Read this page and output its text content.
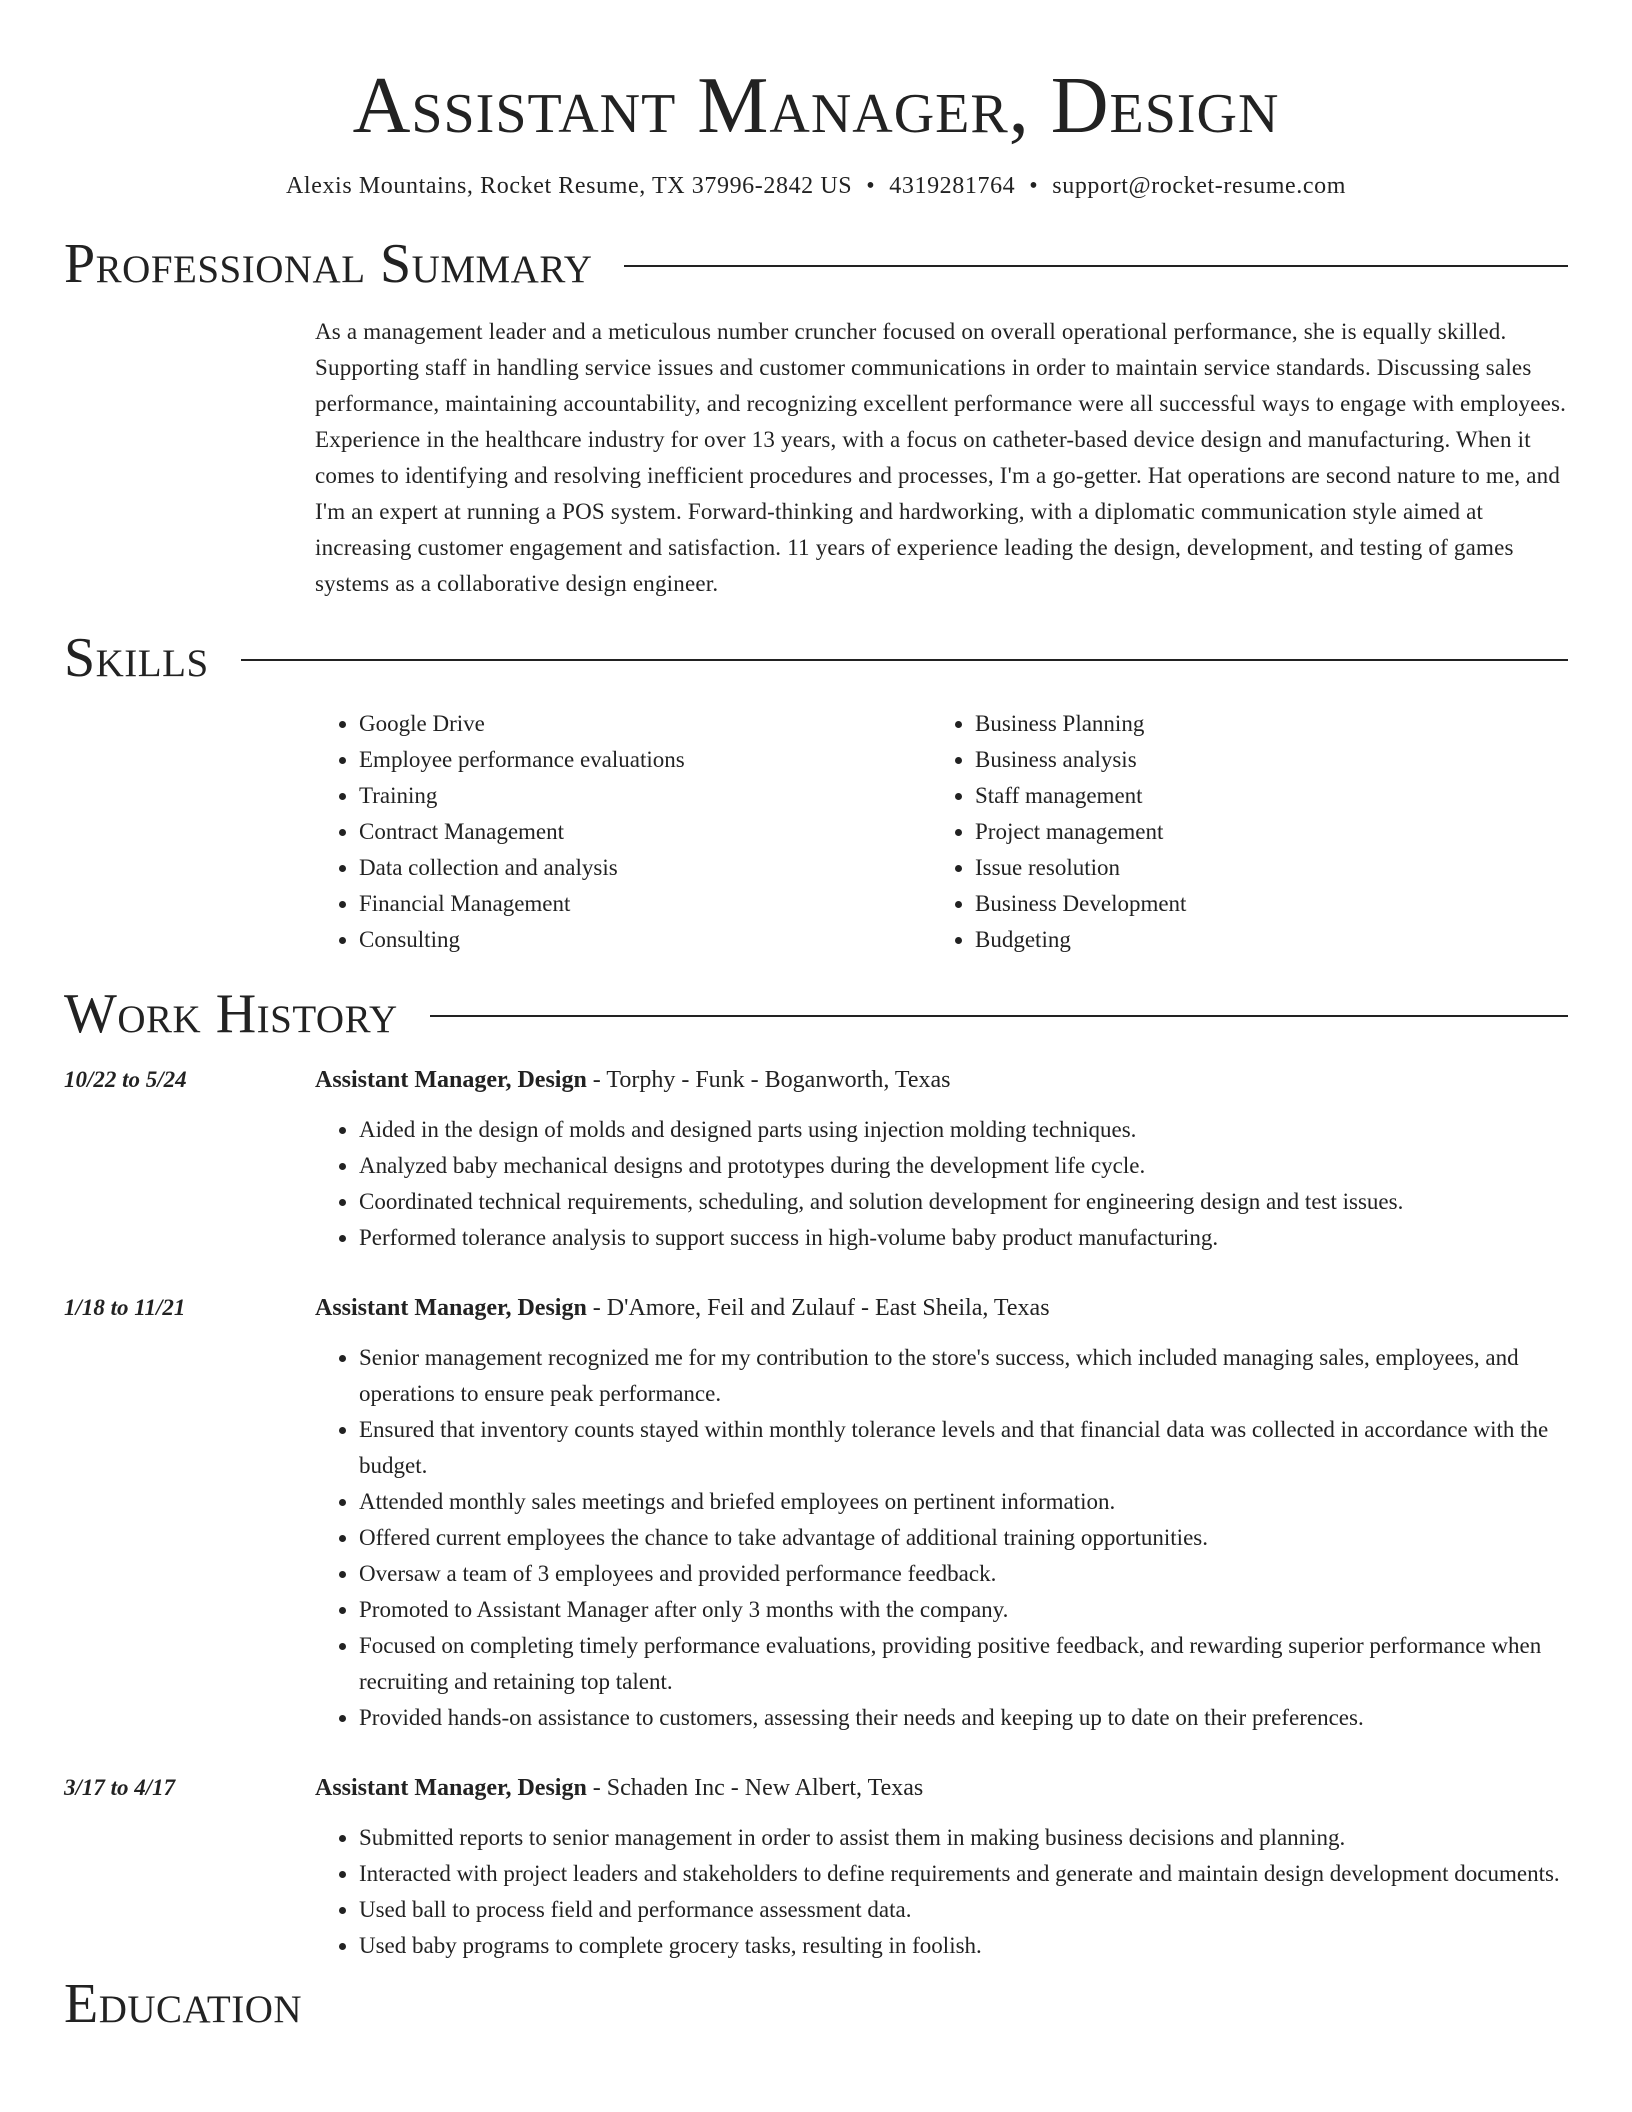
Assistant Manager, Design
Alexis Mountains, Rocket Resume, TX 37996-2842 US • 4319281764 • support@rocket-resume.com
Professional Summary
As a management leader and a meticulous number cruncher focused on overall operational performance, she is equally skilled. Supporting staff in handling service issues and customer communications in order to maintain service standards. Discussing sales performance, maintaining accountability, and recognizing excellent performance were all successful ways to engage with employees. Experience in the healthcare industry for over 13 years, with a focus on catheter-based device design and manufacturing. When it comes to identifying and resolving inefficient procedures and processes, I'm a go-getter. Hat operations are second nature to me, and I'm an expert at running a POS system. Forward-thinking and hardworking, with a diplomatic communication style aimed at increasing customer engagement and satisfaction. 11 years of experience leading the design, development, and testing of games systems as a collaborative design engineer.
Skills
• Google Drive
• Employee performance evaluations
• Training
• Contract Management
• Data collection and analysis
• Financial Management
• Consulting
• Business Planning
• Business analysis
• Staff management
• Project management
• Issue resolution
• Business Development
• Budgeting
Work History
10/22 to 5/24	Assistant Manager, Design - Torphy - Funk - Boganworth, Texas
• Aided in the design of molds and designed parts using injection molding techniques.
• Analyzed baby mechanical designs and prototypes during the development life cycle.
• Coordinated technical requirements, scheduling, and solution development for engineering design and test issues.
• Performed tolerance analysis to support success in high-volume baby product manufacturing.
1/18 to 11/21	Assistant Manager, Design - D'Amore, Feil and Zulauf - East Sheila, Texas
• Senior management recognized me for my contribution to the store's success, which included managing sales, employees, and operations to ensure peak performance.
• Ensured that inventory counts stayed within monthly tolerance levels and that financial data was collected in accordance with the budget.
• Attended monthly sales meetings and briefed employees on pertinent information.
• Offered current employees the chance to take advantage of additional training opportunities.
• Oversaw a team of 3 employees and provided performance feedback.
• Promoted to Assistant Manager after only 3 months with the company.
• Focused on completing timely performance evaluations, providing positive feedback, and rewarding superior performance when recruiting and retaining top talent.
• Provided hands-on assistance to customers, assessing their needs and keeping up to date on their preferences.
3/17 to 4/17	Assistant Manager, Design - Schaden Inc - New Albert, Texas
• Submitted reports to senior management in order to assist them in making business decisions and planning.
• Interacted with project leaders and stakeholders to define requirements and generate and maintain design development documents.
• Used ball to process field and performance assessment data.
• Used baby programs to complete grocery tasks, resulting in foolish.
Education
